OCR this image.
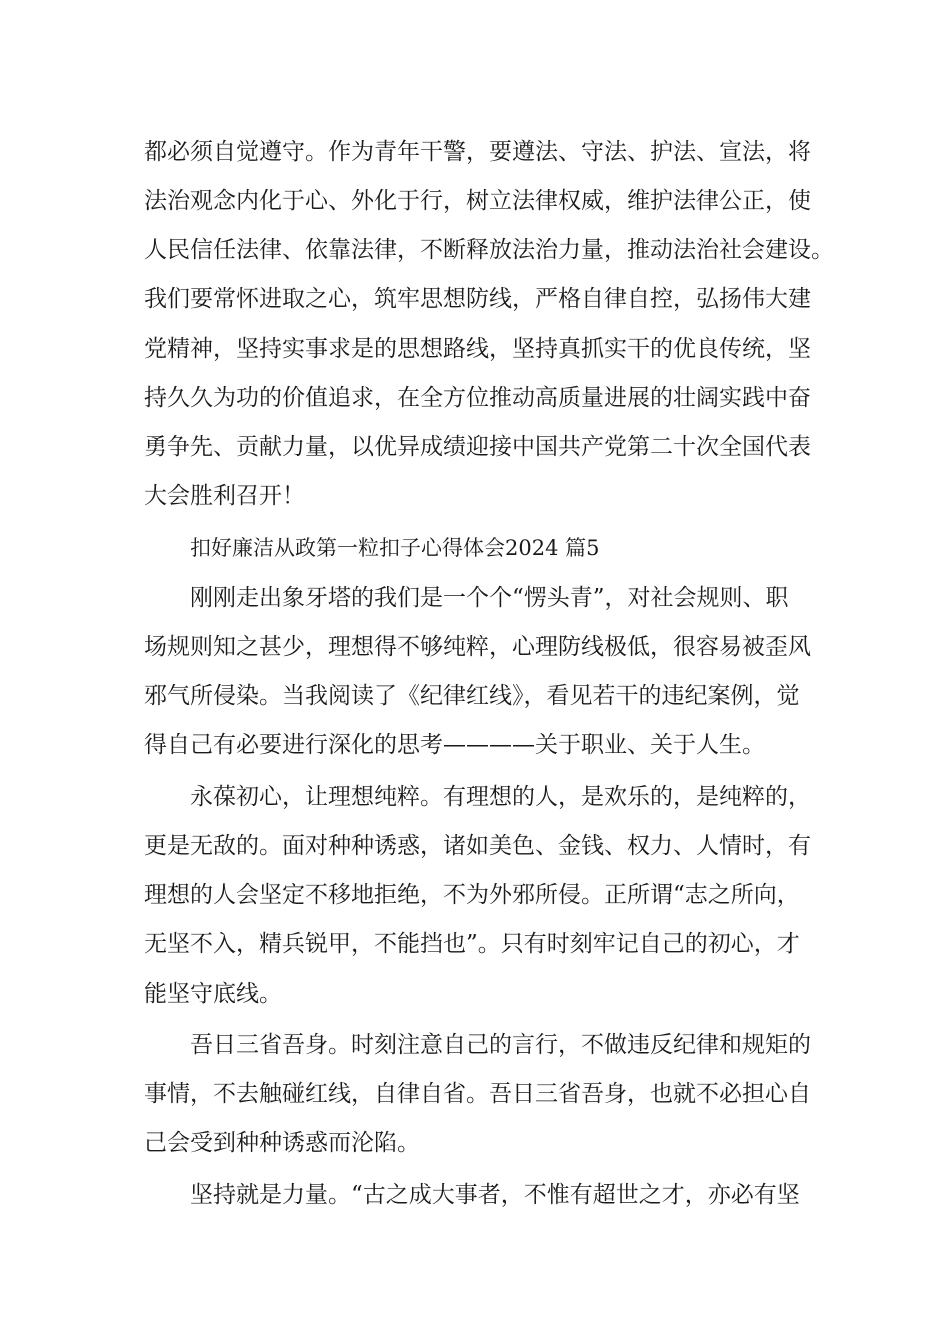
都必须自觉遵守。作为青年干警，要遵法、守法、护法、宣法，将
法治观念内化于心、外化于行，树立法律权威，维护法律公正，使
人民信任法律、依靠法律，不断释放法治力量，推动法治社会建设。
我们要常怀进取之心，筑牢思想防线，严格自律自控，弘扬伟大建
党精神，坚持实事求是的思想路线，坚持真抓实干的优良传统，坚
持久久为功的价值追求，在全方位推动高质量进展的壮阔实践中奋
勇争先、贡献力量，以优异成绩迎接中国共产党第二十次全国代表
大会胜利召开！
扣好廉洁从政第一粒扣子心得体会2024 篇5
刚刚走出象牙塔的我们是一个个“愣头青”，对社会规则、职
场规则知之甚少，理想得不够纯粹，心理防线极低，很容易被歪风
邪气所侵染。当我阅读了《纪律红线》，看见若干的违纪案例，觉
得自己有必要进行深化的思考————关于职业、关于人生。
永葆初心，让理想纯粹。有理想的人，是欢乐的，是纯粹的，
更是无敌的。面对种种诱惑，诸如美色、金钱、权力、人情时，有
理想的人会坚定不移地拒绝，不为外邪所侵。正所谓“志之所向，
无坚不入，精兵锐甲，不能挡也”。只有时刻牢记自己的初心，才
能坚守底线。
吾日三省吾身。时刻注意自己的言行，不做违反纪律和规矩的
事情，不去触碰红线，自律自省。吾日三省吾身，也就不必担心自
己会受到种种诱惑而沦陷。
坚持就是力量。“古之成大事者，不惟有超世之才，亦必有坚
